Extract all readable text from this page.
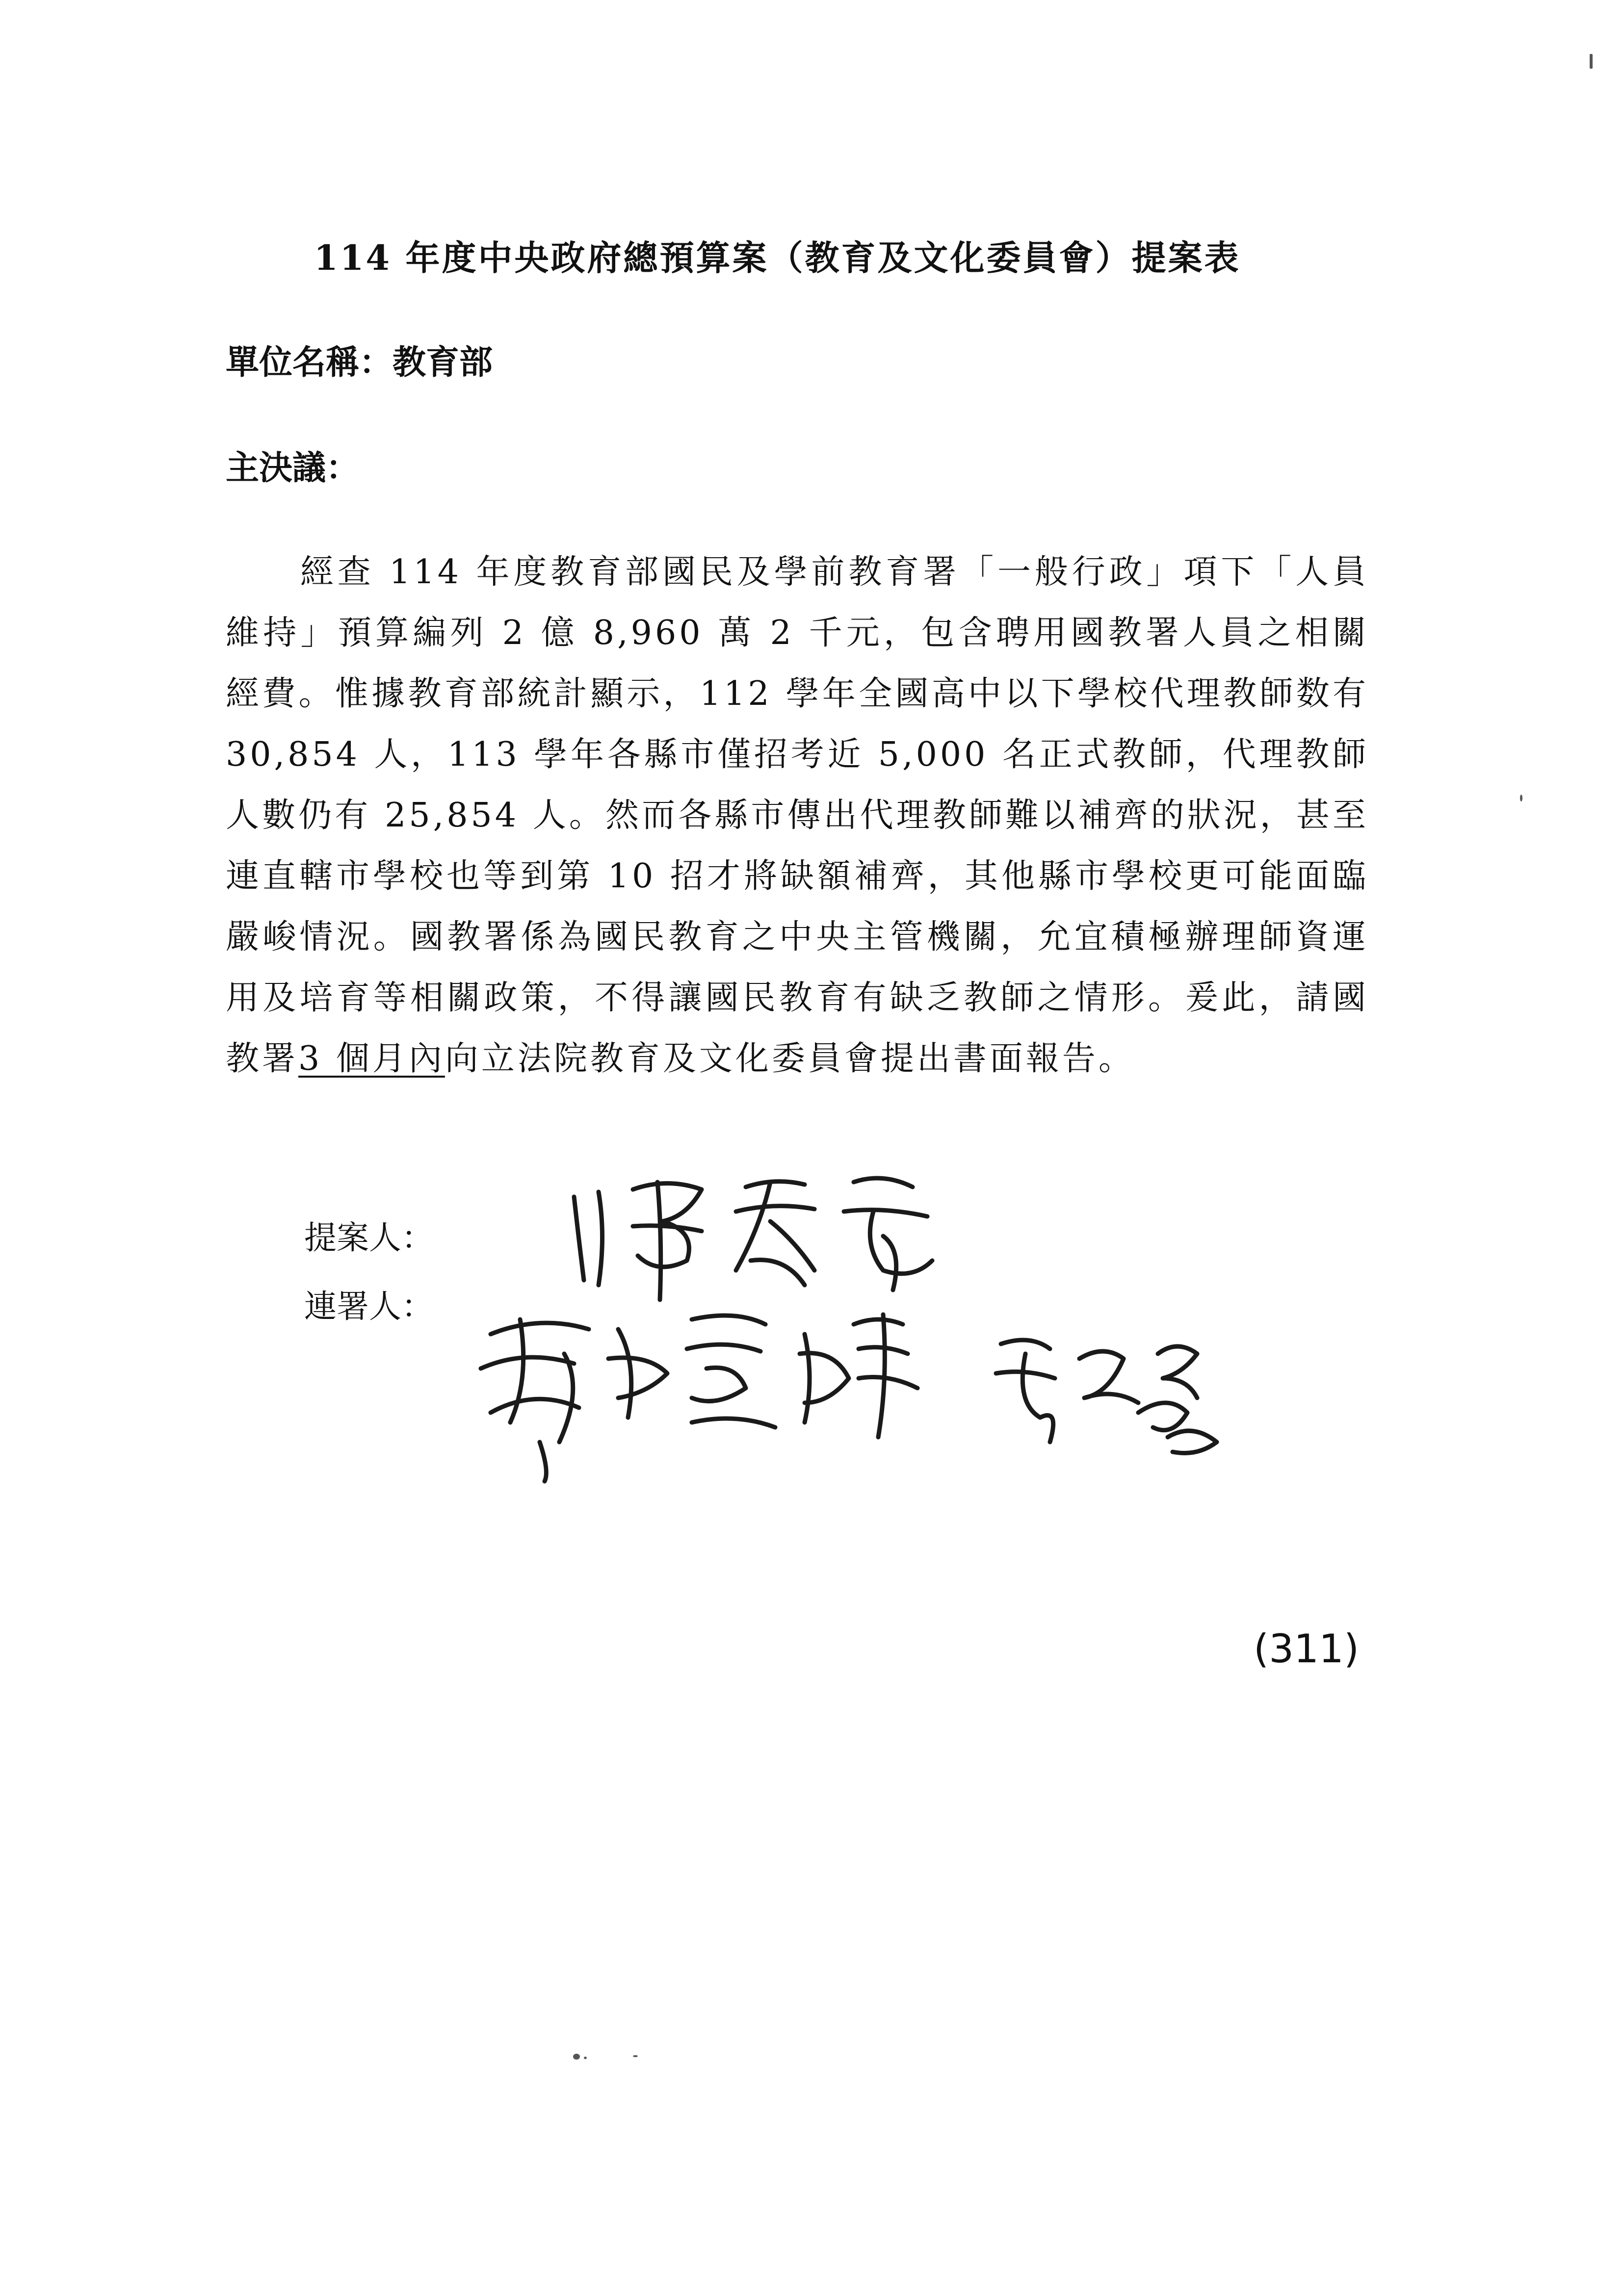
114 年度中央政府總預算案（教育及文化委員會）提案表
單位名稱：教育部
主決議：
經查 114 年度教育部國民及學前教育署「一般行政」項下「人員維持」預算編列 2 億 8,960 萬 2 千元，包含聘用國教署人員之相關經費。惟據教育部統計顯示，112 學年全國高中以下學校代理教師数有 30,854 人，113 學年各縣市僅招考近 5,000 名正式教師，代理教師人數仍有 25,854 人。然而各縣市傳出代理教師難以補齊的狀況，甚至連直轄市學校也等到第 10 招才將缺額補齊，其他縣市學校更可能面臨嚴峻情況。國教署係為國民教育之中央主管機關，允宜積極辦理師資運用及培育等相關政策，不得讓國民教育有缺乏教師之情形。爰此，請國教署3 個月內向立法院教育及文化委員會提出書面報告。
提案人：
連署人：
(311)
